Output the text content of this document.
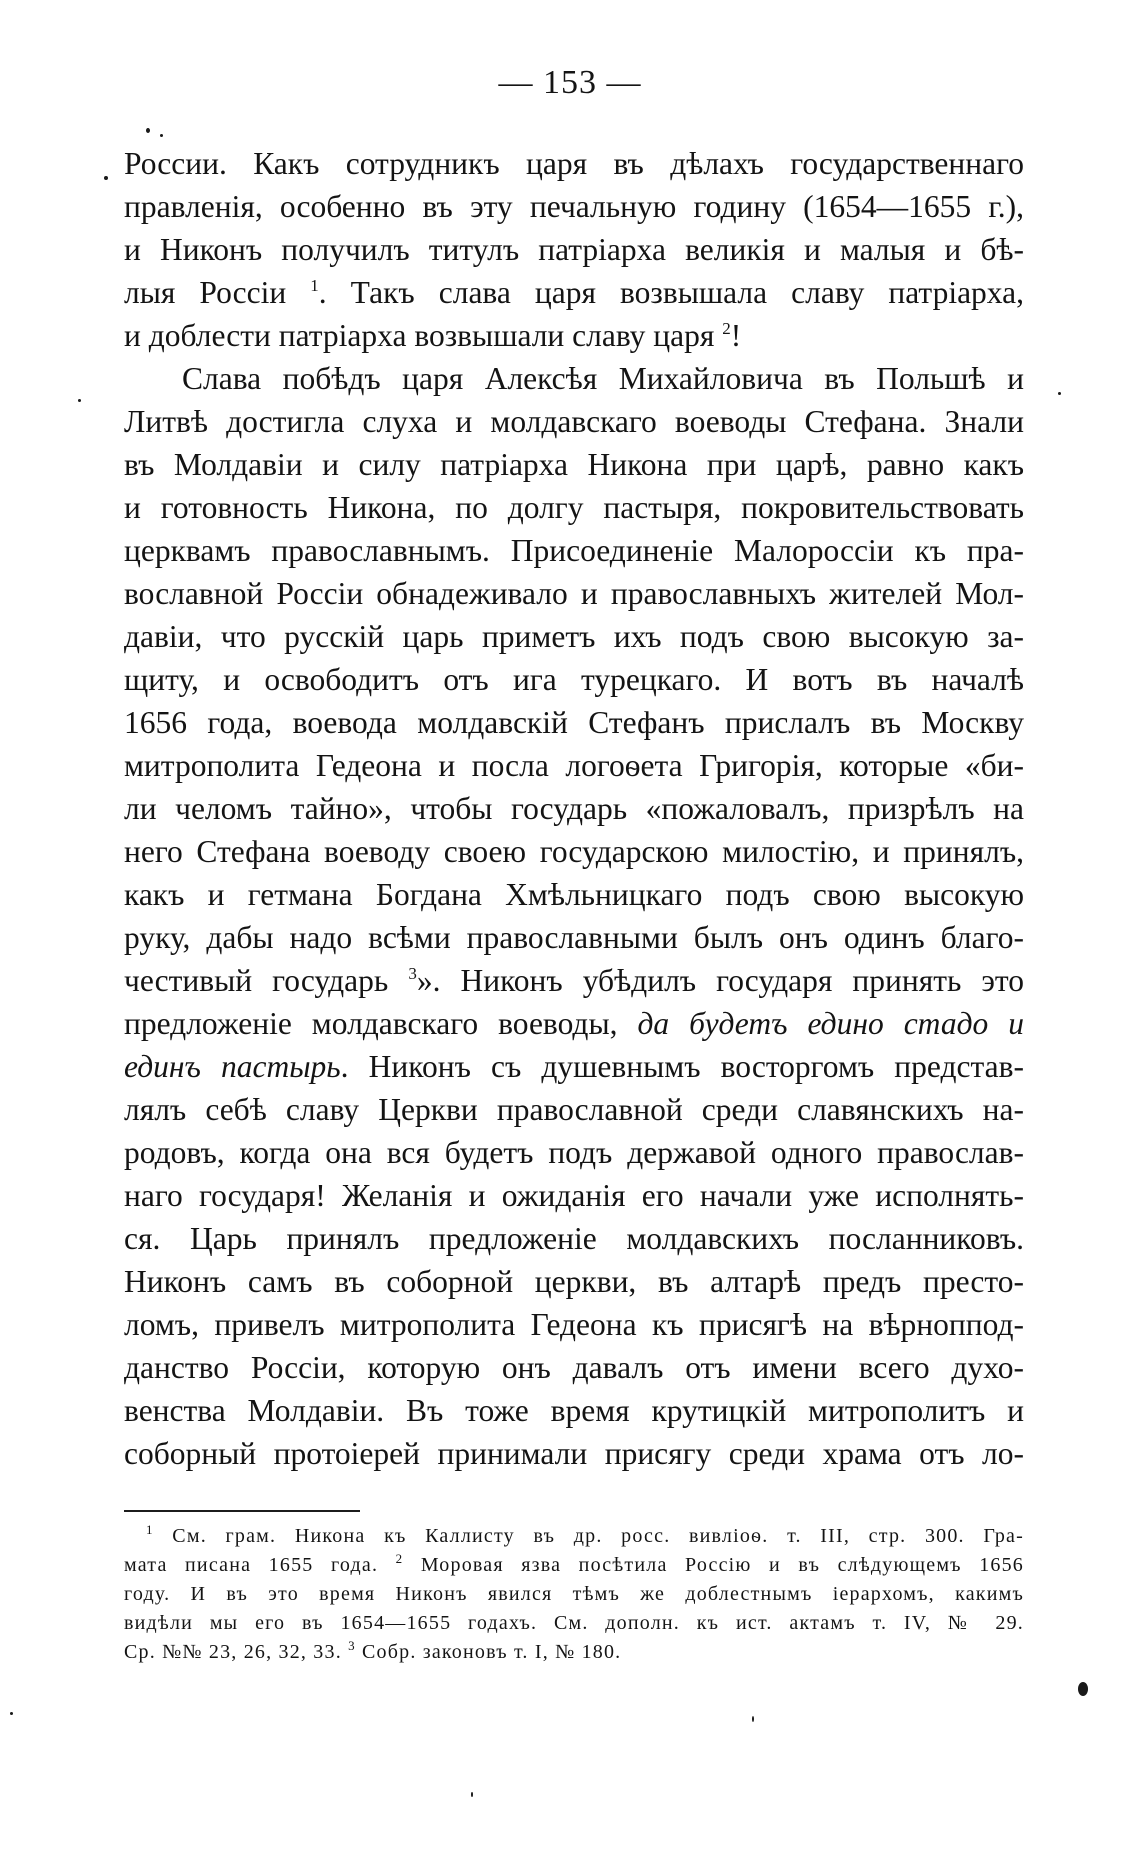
— 153 —
России. Какъ сотрудникъ царя въ дѣлахъ государственнаго
правленія, особенно въ эту печальную годину (1654—1655 г.),
и Никонъ получилъ титулъ патріарха великія и малыя и бѣ-
лыя Россіи $^1$. Такъ слава царя возвышала славу патріарха,
и доблести патріарха возвышали славу царя $^2$!
Слава побѣдъ царя Алексѣя Михайловича въ Польшѣ и
Литвѣ достигла слуха и молдавскаго воеводы Стефана. Знали
въ Молдавіи и силу патріарха Никона при царѣ, равно какъ
и готовность Никона, по долгу пастыря, покровительствовать
церквамъ православнымъ. Присоединеніе Малороссіи къ пра-
вославной Россіи обнадеживало и православныхъ жителей Мол-
давіи, что русскій царь приметъ ихъ подъ свою высокую за-
щиту, и освободитъ отъ ига турецкаго. И вотъ въ началѣ
1656 года, воевода молдавскій Стефанъ прислалъ въ Москву
митрополита Гедеона и посла логоѳета Григорія, которые «би-
ли челомъ тайно», чтобы государь «пожаловалъ, призрѣлъ на
него Стефана воеводу своею государскою милостію, и принялъ,
какъ и гетмана Богдана Хмѣльницкаго подъ свою высокую
руку, дабы надо всѣми православными былъ онъ одинъ благо-
честивый государь $^3$». Никонъ убѣдилъ государя принять это
предложеніе молдавскаго воеводы, да будетъ едино стадо и
единъ пастырь. Никонъ съ душевнымъ восторгомъ представ-
лялъ себѣ славу Церкви православной среди славянскихъ на-
родовъ, когда она вся будетъ подъ державой одного православ-
наго государя! Желанія и ожиданія его начали уже исполнять-
ся. Царь принялъ предложеніе молдавскихъ посланниковъ.
Никонъ самъ въ соборной церкви, въ алтарѣ предъ престо-
ломъ, привелъ митрополита Гедеона къ присягѣ на вѣрноппод-
данство Россіи, которую онъ давалъ отъ имени всего духо-
венства Молдавіи. Въ тоже время крутицкій митрополитъ и
соборный протоіерей принимали присягу среди храма отъ ло-
$^1$ См. грам. Никона къ Каллисту въ др. росс. вивліоѳ. т. III, стр. 300. Гра-
мата писана 1655 года. $^2$ Моровая язва посѣтила Россію и въ слѣдующемъ 1656
году. И въ это время Никонъ явился тѣмъ же доблестнымъ іерархомъ, какимъ
видѣли мы его въ 1654—1655 годахъ. См. дополн. къ ист. актамъ т. IV, № 29.
Ср. №№ 23, 26, 32, 33. $^3$ Собр. законовъ т. I, № 180.
